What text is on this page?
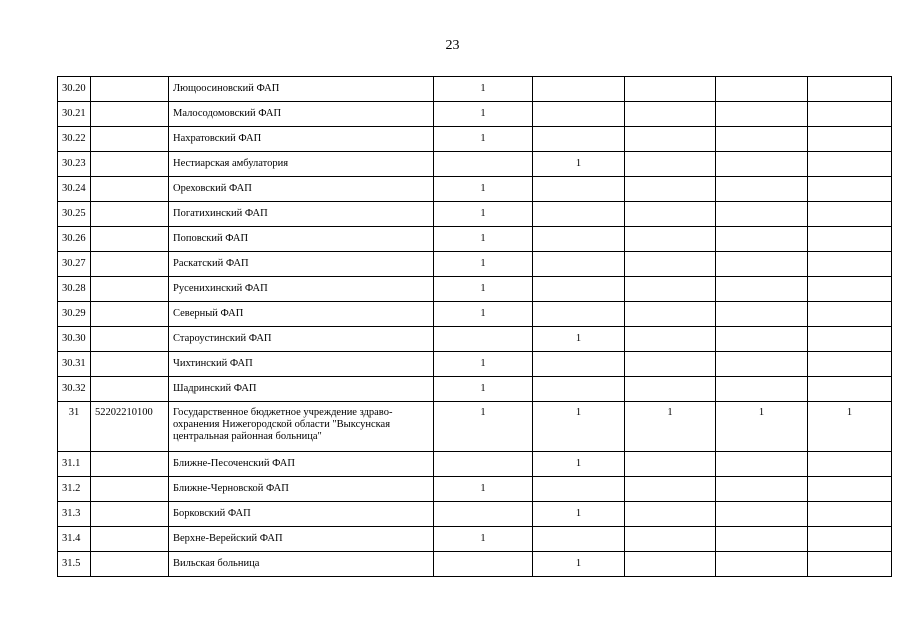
23
30.20		Лющоосиновский ФАП	1				
30.21		Малосодомовский ФАП	1				
30.22		Нахратовский ФАП	1				
30.23		Нестиарская амбулатория		1			
30.24		Ореховский ФАП	1				
30.25		Погатихинский ФАП	1				
30.26		Поповский ФАП	1				
30.27		Раскатский ФАП	1				
30.28		Русенихинский ФАП	1				
30.29		Северный ФАП	1				
30.30		Староустинский ФАП		1			
30.31		Чихтинский ФАП	1				
30.32		Шадринский ФАП	1				
31	52202210100	Государственное бюджетное учреждение здраво-охранения Нижегородской области "Выксунская центральная районная больница"	1	1	1	1	1
31.1		Ближне-Песоченский ФАП		1			
31.2		Ближне-Черновской ФАП	1				
31.3		Борковский ФАП		1			
31.4		Верхне-Верейский ФАП	1				
31.5		Вильская больница		1			
